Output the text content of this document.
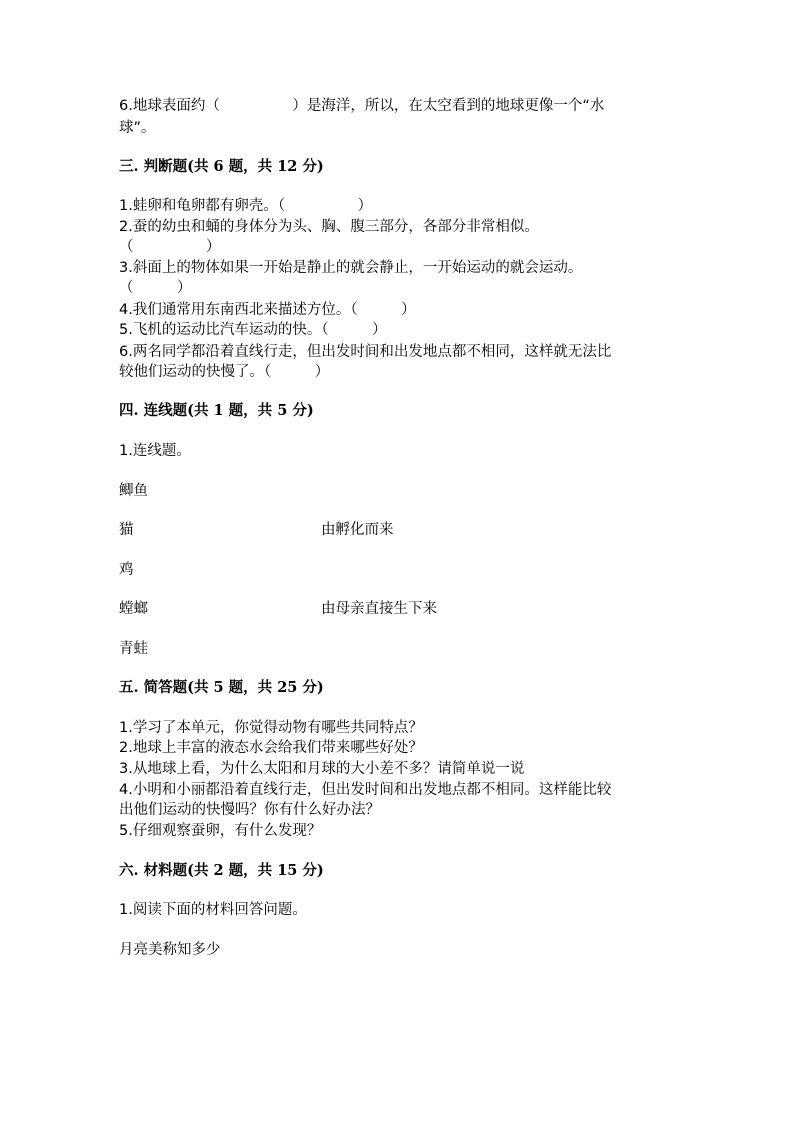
6.地球表面约（　　　　　）是海洋，所以，在太空看到的地球更像一个“水
球”。
三. 判断题(共 6 题，共 12 分)
1.蛙卵和龟卵都有卵壳。（　　　　　）
2.蚕的幼虫和蛹的身体分为头、胸、腹三部分，各部分非常相似。
（　　　　　）
3.斜面上的物体如果一开始是静止的就会静止，一开始运动的就会运动。
（　　　）
4.我们通常用东南西北来描述方位。（　　　）
5.飞机的运动比汽车运动的快。（　　　）
6.两名同学都沿着直线行走，但出发时间和出发地点都不相同，这样就无法比
较他们运动的快慢了。（　　　）
四. 连线题(共 1 题，共 5 分)
1.连线题。
鲫鱼
猫	由孵化而来
鸡
螳螂	由母亲直接生下来
青蛙
五. 简答题(共 5 题，共 25 分)
1.学习了本单元，你觉得动物有哪些共同特点？
2.地球上丰富的液态水会给我们带来哪些好处？
3.从地球上看，为什么太阳和月球的大小差不多？请简单说一说
4.小明和小丽都沿着直线行走，但出发时间和出发地点都不相同。这样能比较
出他们运动的快慢吗？你有什么好办法？
5.仔细观察蚕卵，有什么发现？
六. 材料题(共 2 题，共 15 分)
1.阅读下面的材料回答问题。
月亮美称知多少
